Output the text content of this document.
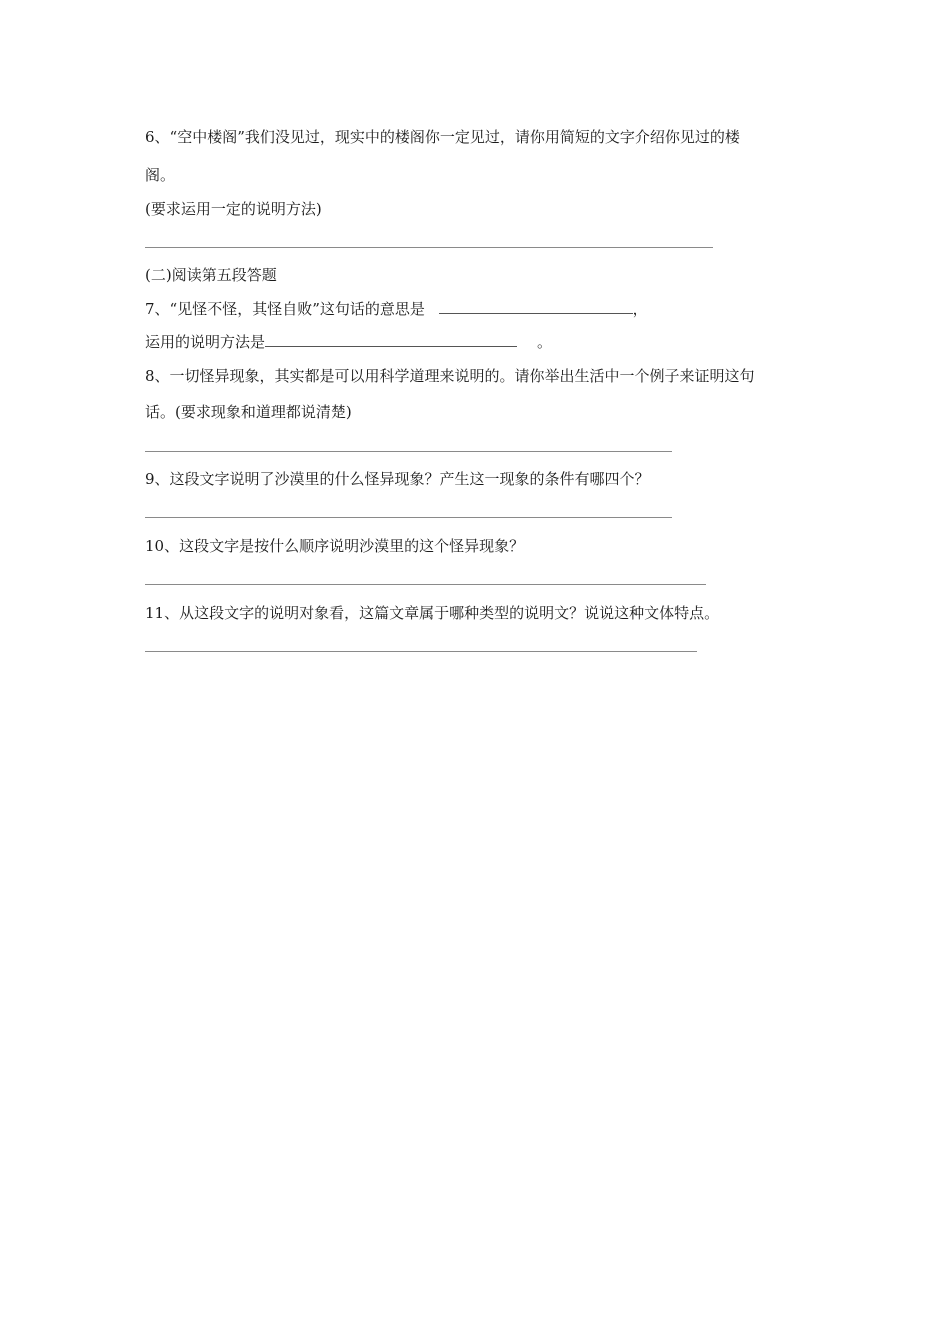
6、“空中楼阁”我们没见过，现实中的楼阁你一定见过，请你用简短的文字介绍你见过的楼
阁。
(要求运用一定的说明方法)
(二)阅读第五段答题
7、“见怪不怪，其怪自败”这句话的意思是	，
运用的说明方法是	。
8、一切怪异现象，其实都是可以用科学道理来说明的。请你举出生活中一个例子来证明这句
话。(要求现象和道理都说清楚)
9、这段文字说明了沙漠里的什么怪异现象？产生这一现象的条件有哪四个？
10、这段文字是按什么顺序说明沙漠里的这个怪异现象？
11、从这段文字的说明对象看，这篇文章属于哪种类型的说明文？说说这种文体特点。
